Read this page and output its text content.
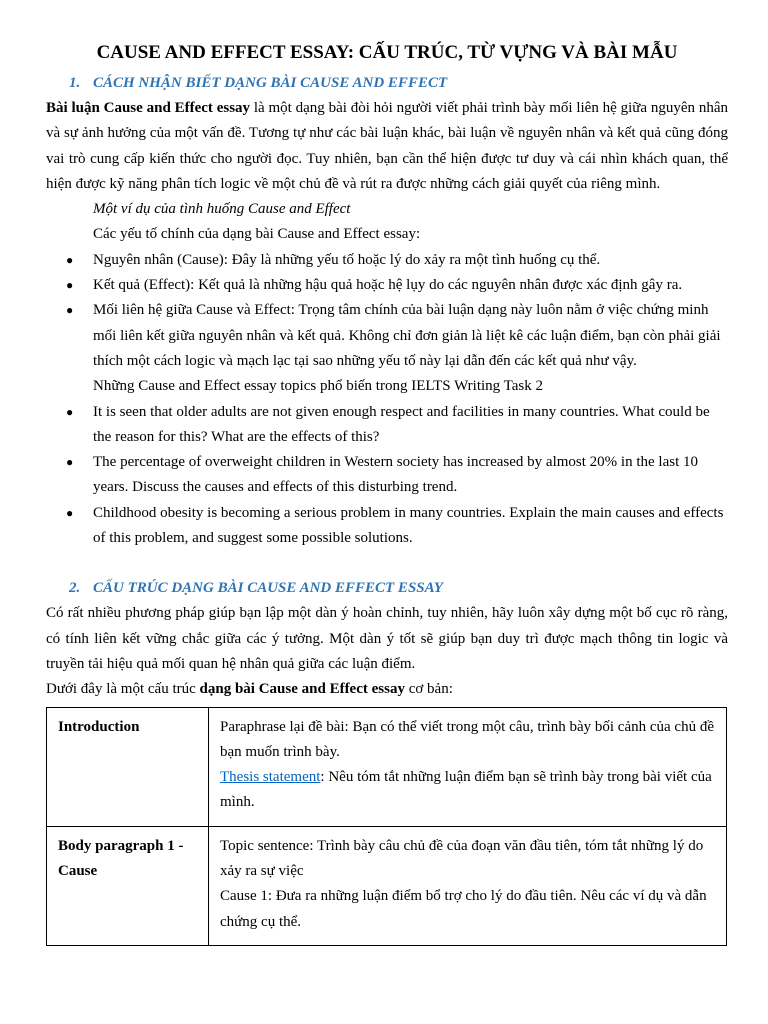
CAUSE AND EFFECT ESSAY: CẤU TRÚC, TỪ VỰNG VÀ BÀI MẪU
1. CÁCH NHẬN BIẾT DẠNG BÀI CAUSE AND EFFECT

Bài luận Cause and Effect essay là một dạng bài đòi hỏi người viết phải trình bày mối liên hệ giữa nguyên nhân và sự ảnh hưởng của một vấn đề. Tương tự như các bài luận khác, bài luận về nguyên nhân và kết quả cũng đóng vai trò cung cấp kiến thức cho người đọc. Tuy nhiên, bạn cần thể hiện được tư duy và cái nhìn khách quan, thể hiện được kỹ năng phân tích logic về một chủ đề và rút ra được những cách giải quyết của riêng mình.

Một ví dụ của tình huống Cause and Effect

Các yếu tố chính của dạng bài Cause and Effect essay:

● Nguyên nhân (Cause): Đây là những yếu tố hoặc lý do xảy ra một tình huống cụ thể.
● Kết quả (Effect): Kết quả là những hậu quả hoặc hệ lụy do các nguyên nhân được xác định gây ra.
● Mối liên hệ giữa Cause và Effect: Trọng tâm chính của bài luận dạng này luôn nằm ở việc chứng minh mối liên kết giữa nguyên nhân và kết quả. Không chỉ đơn giản là liệt kê các luận điểm, bạn còn phải giải thích một cách logic và mạch lạc tại sao những yếu tố này lại dẫn đến các kết quả như vậy.

Những Cause and Effect essay topics phổ biến trong IELTS Writing Task 2

● It is seen that older adults are not given enough respect and facilities in many countries. What could be the reason for this? What are the effects of this?
● The percentage of overweight children in Western society has increased by almost 20% in the last 10 years. Discuss the causes and effects of this disturbing trend.
● Childhood obesity is becoming a serious problem in many countries. Explain the main causes and effects of this problem, and suggest some possible solutions.
2. CẤU TRÚC DẠNG BÀI CAUSE AND EFFECT ESSAY

Có rất nhiều phương pháp giúp bạn lập một dàn ý hoàn chỉnh, tuy nhiên, hãy luôn xây dựng một bố cục rõ ràng, có tính liên kết vững chắc giữa các ý tưởng. Một dàn ý tốt sẽ giúp bạn duy trì được mạch thông tin logic và truyền tải hiệu quả mối quan hệ nhân quả giữa các luận điểm.

Dưới đây là một cấu trúc dạng bài Cause and Effect essay cơ bản:

Introduction	Paraphrase lại đề bài: Bạn có thể viết trong một câu, trình bày bối cảnh của chủ đề bạn muốn trình bày.
Thesis statement: Nêu tóm tắt những luận điểm bạn sẽ trình bày trong bài viết của mình.

Body paragraph 1 - Cause	Topic sentence: Trình bày câu chủ đề của đoạn văn đầu tiên, tóm tắt những lý do xảy ra sự việc
Cause 1: Đưa ra những luận điểm bổ trợ cho lý do đầu tiên. Nêu các ví dụ và dẫn chứng cụ thể.
